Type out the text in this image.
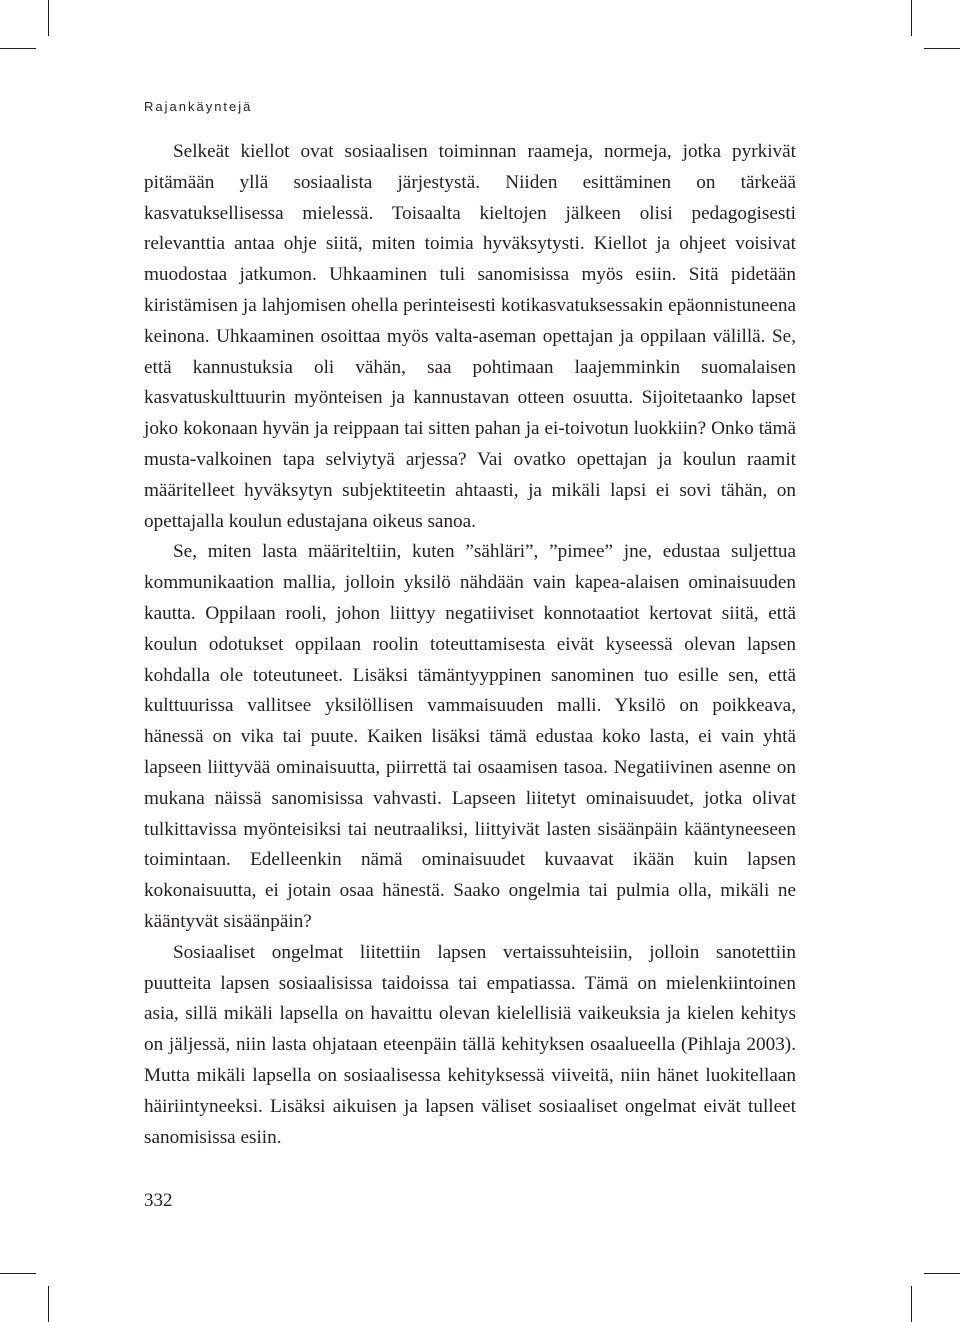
Rajankäyntejä

Selkeät kiellot ovat sosiaalisen toiminnan raameja, normeja, jotka pyrkivät pitämään yllä sosiaalista järjestystä. Niiden esittäminen on tärkeää kasvatuksellisessa mielessä. Toisaalta kieltojen jälkeen olisi pedagogisesti relevanttia antaa ohje siitä, miten toimia hyväksytysti. Kiellot ja ohjeet voisivat muodostaa jatkumon. Uhkaaminen tuli sanomisissa myös esiin. Sitä pidetään kiristämisen ja lahjomisen ohella perinteisesti kotikasvatuksessakin epäonnistuneena keinona. Uhkaaminen osoittaa myös valta-aseman opettajan ja oppilaan välillä. Se, että kannustuksia oli vähän, saa pohtimaan laajemminkin suomalaisen kasvatuskulttuurin myönteisen ja kannustavan otteen osuutta. Sijoitetaanko lapset joko kokonaan hyvän ja reippaan tai sitten pahan ja ei-toivotun luokkiin? Onko tämä musta-valkoinen tapa selviytyä arjessa? Vai ovatko opettajan ja koulun raamit määritelleet hyväksytyn subjektiteetin ahtaasti, ja mikäli lapsi ei sovi tähän, on opettajalla koulun edustajana oikeus sanoa.

Se, miten lasta määriteltiin, kuten ”sähläri”, ”pimee” jne, edustaa suljettua kommunikaation mallia, jolloin yksilö nähdään vain kapea-alaisen ominaisuuden kautta. Oppilaan rooli, johon liittyy negatiiviset konnotaatiot kertovat siitä, että koulun odotukset oppilaan roolin toteuttamisesta eivät kyseessä olevan lapsen kohdalla ole toteutuneet. Lisäksi tämäntyyppinen sanominen tuo esille sen, että kulttuurissa vallitsee yksilöllisen vammaisuuden malli. Yksilö on poikkeava, hänessä on vika tai puute. Kaiken lisäksi tämä edustaa koko lasta, ei vain yhtä lapseen liittyvää ominaisuutta, piirrettä tai osaamisen tasoa. Negatiivinen asenne on mukana näissä sanomisissa vahvasti. Lapseen liitetyt ominaisuudet, jotka olivat tulkittavissa myönteisiksi tai neutraaliksi, liittyivät lasten sisäänpäin kääntyneeseen toimintaan. Edelleenkin nämä ominaisuudet kuvaavat ikään kuin lapsen kokonaisuutta, ei jotain osaa hänestä. Saako ongelmia tai pulmia olla, mikäli ne kääntyvät sisäänpäin?

Sosiaaliset ongelmat liitettiin lapsen vertaissuhteisiin, jolloin sanotettiin puutteita lapsen sosiaalisissa taidoissa tai empatiassa. Tämä on mielenkiintoinen asia, sillä mikäli lapsella on havaittu olevan kielellisiä vaikeuksia ja kielen kehitys on jäljessä, niin lasta ohjataan eteenpäin tällä kehityksen osaalueella (Pihlaja 2003). Mutta mikäli lapsella on sosiaalisessa kehityksessä viiveitä, niin hänet luokitellaan häiriintyneeksi. Lisäksi aikuisen ja lapsen väliset sosiaaliset ongelmat eivät tulleet sanomisissa esiin.

332
